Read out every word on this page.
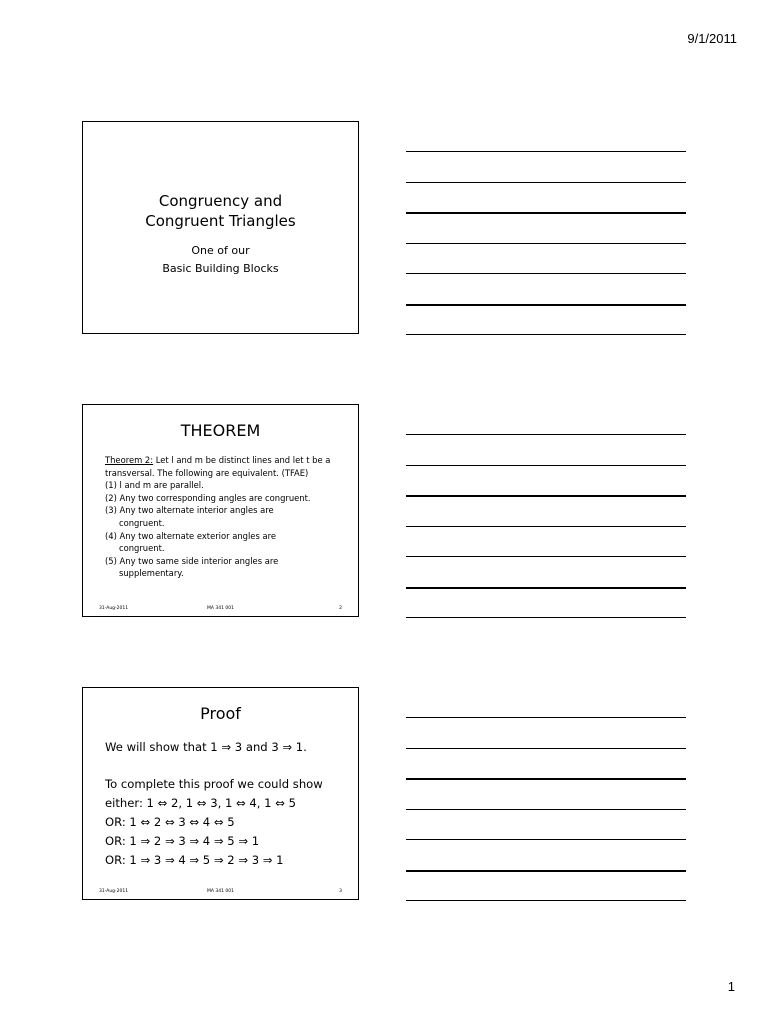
9/1/2011
Congruency and
Congruent Triangles
One of our
Basic Building Blocks
THEOREM

Theorem 2: Let l and m be distinct lines and let t be a transversal. The following are equivalent. (TFAE)

(1) l and m are parallel.

(2) Any two corresponding angles are congruent.

(3) Any two alternate interior angles are

congruent.

(4) Any two alternate exterior angles are

congruent.

(5) Any two same side interior angles are

supplementary.

31-Aug-2011	MA 341 001	2
Proof

We will show that 1 ⇒ 3 and 3 ⇒ 1.

To complete this proof we could show

either: 1 ⇔ 2, 1 ⇔ 3, 1 ⇔ 4, 1 ⇔ 5

OR: 1 ⇔ 2 ⇔ 3 ⇔ 4 ⇔ 5

OR: 1 ⇒ 2 ⇒ 3 ⇒ 4 ⇒ 5 ⇒ 1

OR: 1 ⇒ 3 ⇒ 4 ⇒ 5 ⇒ 2 ⇒ 3 ⇒ 1

31-Aug-2011	MA 341 001	3
1
